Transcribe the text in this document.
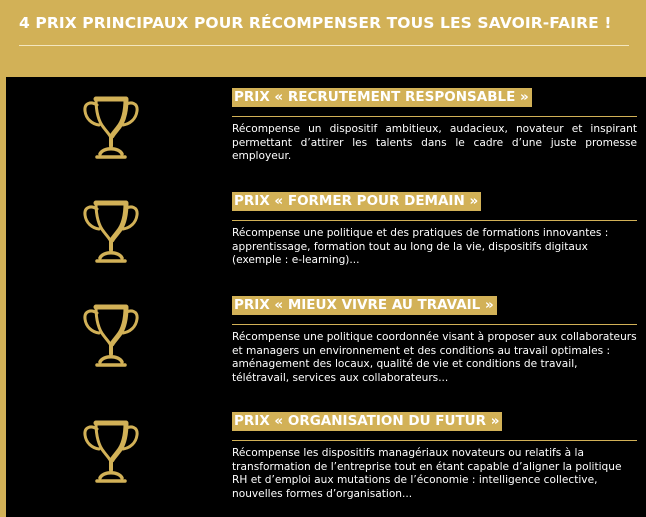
4 PRIX PRINCIPAUX POUR RÉCOMPENSER TOUS LES SAVOIR-FAIRE !
PRIX « RECRUTEMENT RESPONSABLE »

Récompense un dispositif ambitieux, audacieux, novateur et inspirant permettant d’attirer les talents dans le cadre d’une juste promesse employeur.

PRIX « FORMER POUR DEMAIN »

Récompense une politique et des pratiques de formations innovantes : apprentissage, formation tout au long de la vie, dispositifs digitaux (exemple : e-learning)...

PRIX « MIEUX VIVRE AU TRAVAIL »

Récompense une politique coordonnée visant à proposer aux collaborateurs et managers un environnement et des conditions au travail optimales : aménagement des locaux, qualité de vie et conditions de travail, télétravail, services aux collaborateurs...

PRIX « ORGANISATION DU FUTUR »

Récompense les dispositifs managériaux novateurs ou relatifs à la transformation de l’entreprise tout en étant capable d’aligner la politique RH et d’emploi aux mutations de l’économie : intelligence collective, nouvelles formes d’organisation...
